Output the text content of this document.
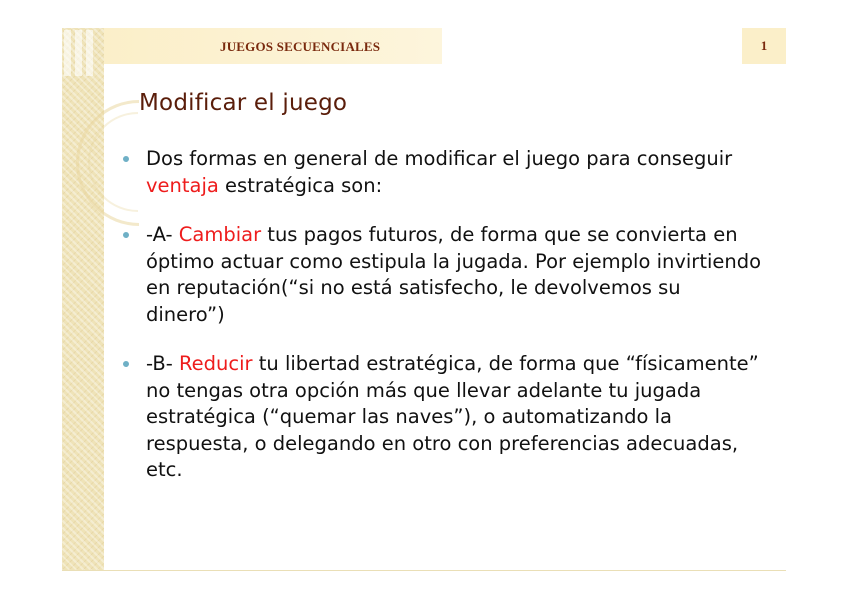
JUEGOS SECUENCIALES	1
Modificar el juego
Dos formas en general de modificar el juego para conseguir ventaja estratégica son:
-A- Cambiar tus pagos futuros, de forma que se convierta en óptimo actuar como estipula la jugada. Por ejemplo invirtiendo en reputación(“si no está satisfecho, le devolvemos su dinero”)
-B- Reducir tu libertad estratégica, de forma que “físicamente” no tengas otra opción más que llevar adelante tu jugada estratégica (“quemar las naves”), o automatizando la respuesta, o delegando en otro con preferencias adecuadas, etc.
